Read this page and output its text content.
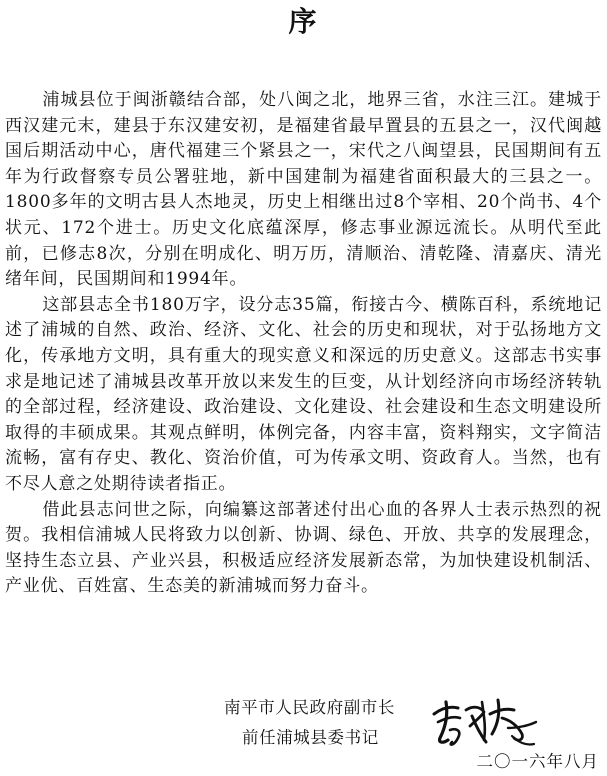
序

浦城县位于闽浙赣结合部，处八闽之北，地界三省，水注三江。建城于西汉建元末，建县于东汉建安初，是福建省最早置县的五县之一，汉代闽越国后期活动中心，唐代福建三个紧县之一，宋代之八闽望县，民国期间有五年为行政督察专员公署驻地，新中国建制为福建省面积最大的三县之一。1800多年的文明古县人杰地灵，历史上相继出过8个宰相、20个尚书、4个状元、172个进士。历史文化底蕴深厚，修志事业源远流长。从明代至此前，已修志8次，分别在明成化、明万历，清顺治、清乾隆、清嘉庆、清光绪年间，民国期间和1994年。

这部县志全书180万字，设分志35篇，衔接古今、横陈百科，系统地记述了浦城的自然、政治、经济、文化、社会的历史和现状，对于弘扬地方文化，传承地方文明，具有重大的现实意义和深远的历史意义。这部志书实事求是地记述了浦城县改革开放以来发生的巨变，从计划经济向市场经济转轨的全部过程，经济建设、政治建设、文化建设、社会建设和生态文明建设所取得的丰硕成果。其观点鲜明，体例完备，内容丰富，资料翔实，文字简洁流畅，富有存史、教化、资治价值，可为传承文明、资政育人。当然，也有不尽人意之处期待读者指正。

借此县志问世之际，向编纂这部著述付出心血的各界人士表示热烈的祝贺。我相信浦城人民将致力以创新、协调、绿色、开放、共享的发展理念，坚持生态立县、产业兴县，积极适应经济发展新态常，为加快建设机制活、产业优、百姓富、生态美的新浦城而努力奋斗。

南平市人民政府副市长
前任浦城县委书记
二〇一六年八月
